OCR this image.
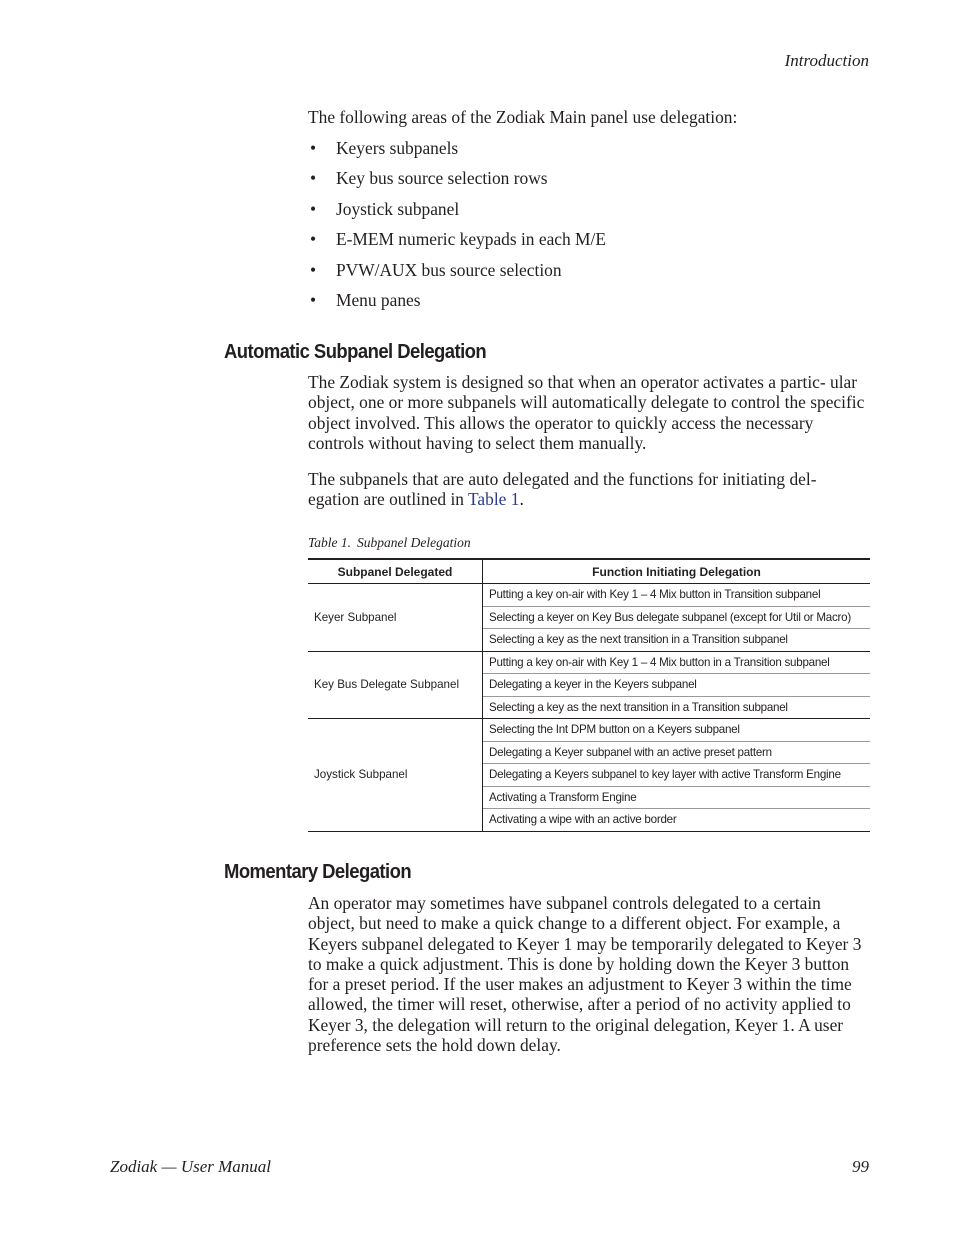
Introduction
The following areas of the Zodiak Main panel use delegation:
• Keyers subpanels
• Key bus source selection rows
• Joystick subpanel
• E-MEM numeric keypads in each M/E
• PVW/AUX bus source selection
• Menu panes
Automatic Subpanel Delegation
The Zodiak system is designed so that when an operator activates a partic- ular object, one or more subpanels will automatically delegate to control the specific object involved. This allows the operator to quickly access the necessary controls without having to select them manually.
The subpanels that are auto delegated and the functions for initiating del- egation are outlined in Table 1.
Table 1. Subpanel Delegation
Subpanel Delegated	Function Initiating Delegation
Keyer Subpanel	Putting a key on-air with Key 1 – 4 Mix button in Transition subpanel
	Selecting a keyer on Key Bus delegate subpanel (except for Util or Macro)
	Selecting a key as the next transition in a Transition subpanel
Key Bus Delegate Subpanel	Putting a key on-air with Key 1 – 4 Mix button in a Transition subpanel
	Delegating a keyer in the Keyers subpanel
	Selecting a key as the next transition in a Transition subpanel
Joystick Subpanel	Selecting the Int DPM button on a Keyers subpanel
	Delegating a Keyer subpanel with an active preset pattern
	Delegating a Keyers subpanel to key layer with active Transform Engine
	Activating a Transform Engine
	Activating a wipe with an active border
Momentary Delegation
An operator may sometimes have subpanel controls delegated to a certain object, but need to make a quick change to a different object. For example, a Keyers subpanel delegated to Keyer 1 may be temporarily delegated to Keyer 3 to make a quick adjustment. This is done by holding down the Keyer 3 button for a preset period. If the user makes an adjustment to Keyer 3 within the time allowed, the timer will reset, otherwise, after a period of no activity applied to Keyer 3, the delegation will return to the original delegation, Keyer 1. A user preference sets the hold down delay.
Zodiak — User Manual	99
